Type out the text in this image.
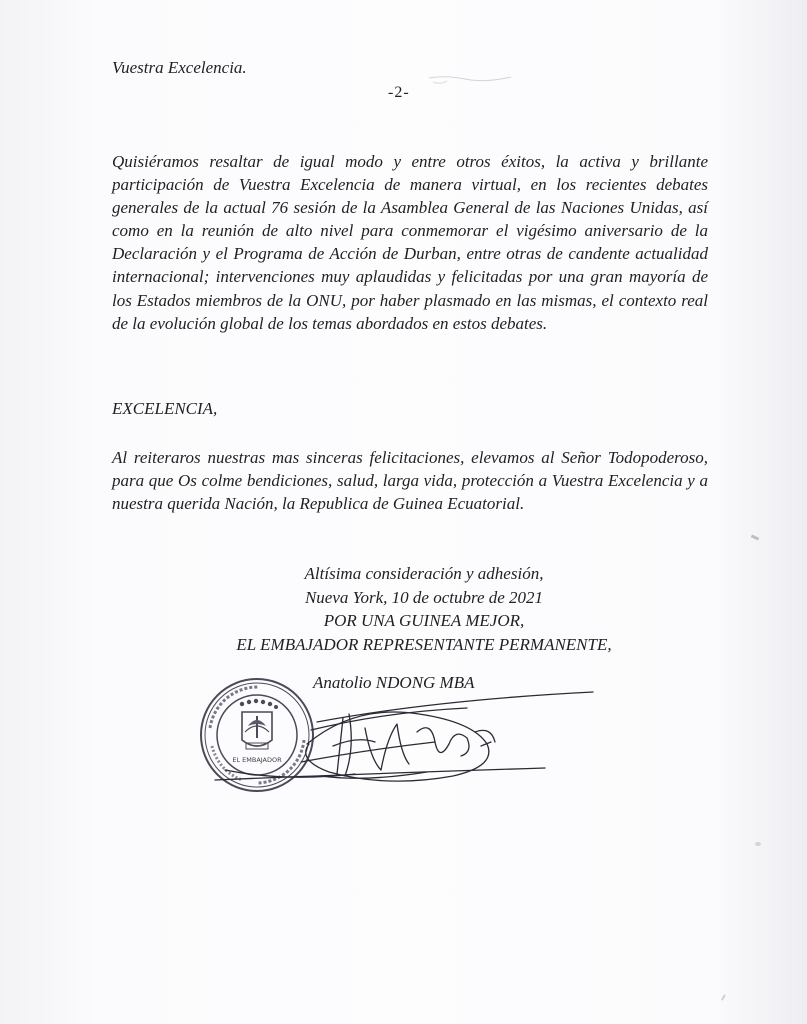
Vuestra Excelencia.

-2-

Quisiéramos resaltar de igual modo y entre otros éxitos, la activa y brillante participación de Vuestra Excelencia de manera virtual, en los recientes debates generales de la actual 76 sesión de la Asamblea General de las Naciones Unidas, así como en la reunión de alto nivel para conmemorar el vigésimo aniversario de la Declaración y el Programa de Acción de Durban, entre otras de candente actualidad internacional; intervenciones muy aplaudidas y felicitadas por una gran mayoría de los Estados miembros de la ONU, por haber plasmado en las mismas, el contexto real de la evolución global de los temas abordados en estos debates.

EXCELENCIA,

Al reiteraros nuestras mas sinceras felicitaciones, elevamos al Señor Todopoderoso, para que Os colme bendiciones, salud, larga vida, protección a Vuestra Excelencia y a nuestra querida Nación, la Republica de Guinea Ecuatorial.

Altísima consideración y adhesión,
Nueva York, 10 de octubre de 2021
POR UNA GUINEA MEJOR,
EL EMBAJADOR REPRESENTANTE PERMANENTE,
Anatolio NDONG MBA
EL EMBAJADOR
